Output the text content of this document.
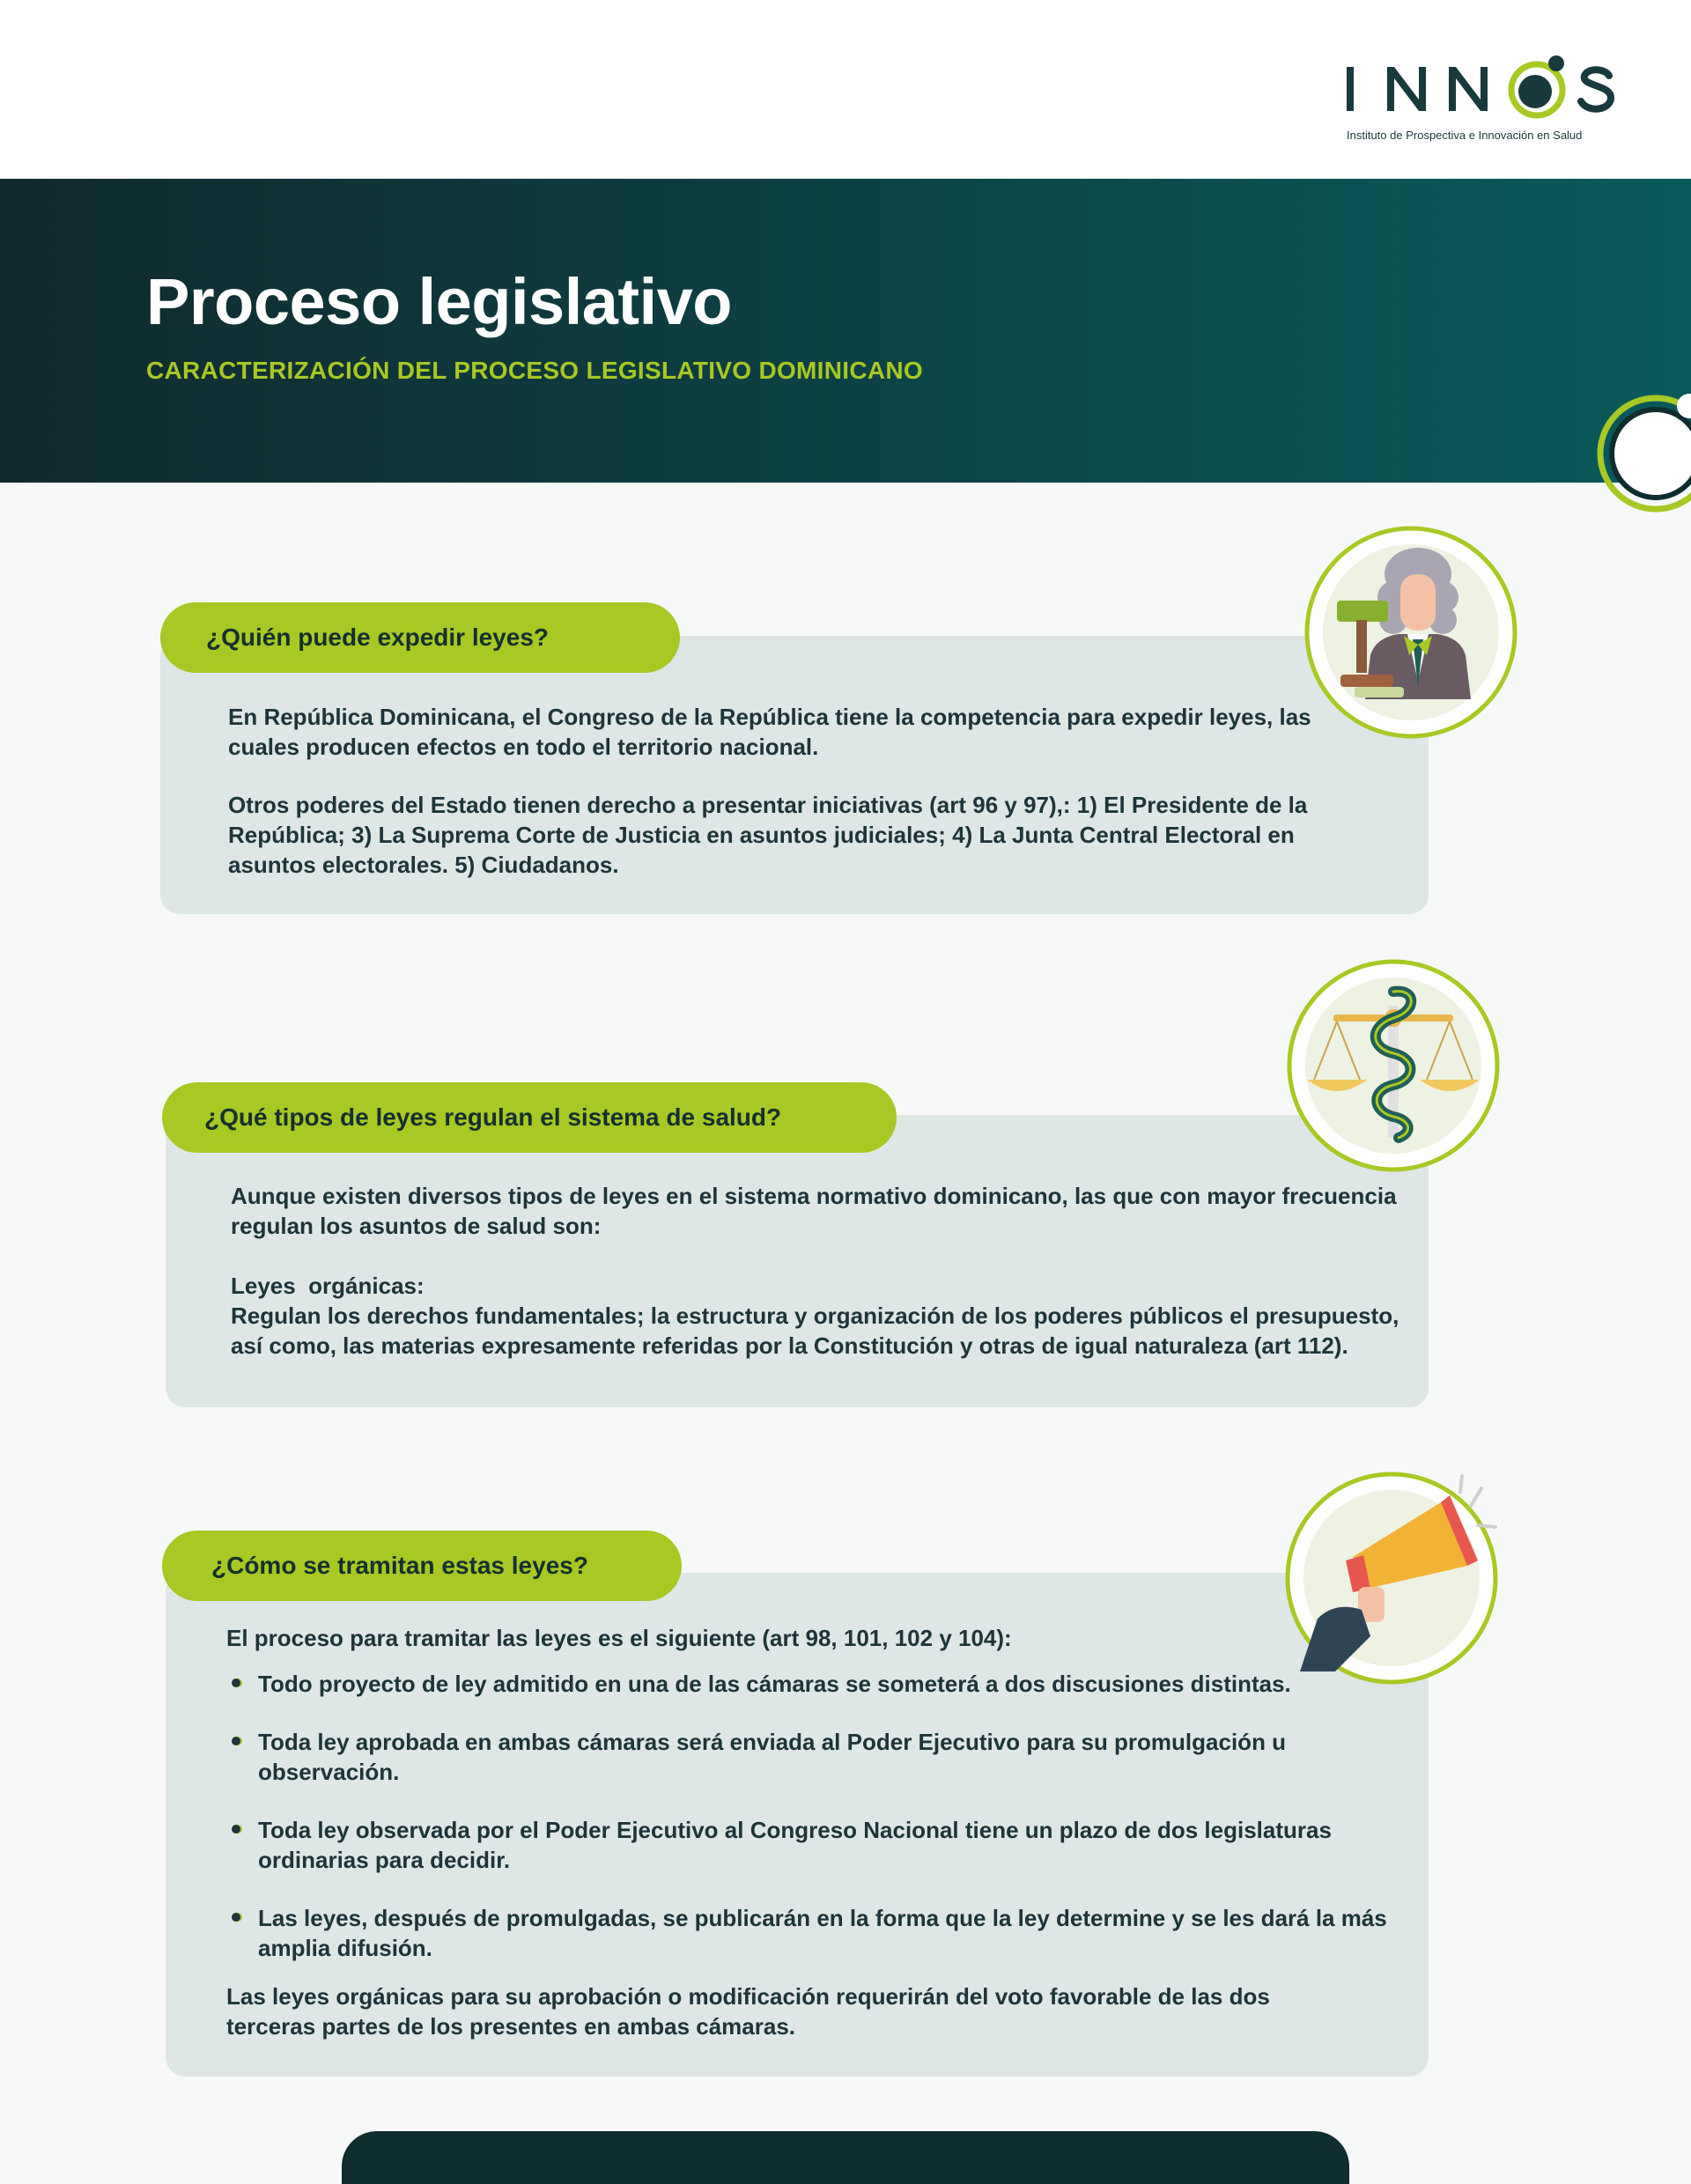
Instituto de Prospectiva e Innovación en Salud
Proceso legislativo
CARACTERIZACIÓN DEL PROCESO LEGISLATIVO DOMINICANO
¿Quién puede expedir leyes?
En República Dominicana, el Congreso de la República tiene la competencia para expedir leyes, las cuales producen efectos en todo el territorio nacional.
Otros poderes del Estado tienen derecho a presentar iniciativas (art 96 y 97),: 1) El Presidente de la República; 3) La Suprema Corte de Justicia en asuntos judiciales; 4) La Junta Central Electoral en asuntos electorales. 5) Ciudadanos.
¿Qué tipos de leyes regulan el sistema de salud?
Aunque existen diversos tipos de leyes en el sistema normativo dominicano, las que con mayor frecuencia regulan los asuntos de salud son:
Leyes  orgánicas:
Regulan los derechos fundamentales; la estructura y organización de los poderes públicos el presupuesto, así como, las materias expresamente referidas por la Constitución y otras de igual naturaleza (art 112).
¿Cómo se tramitan estas leyes?
El proceso para tramitar las leyes es el siguiente (art 98, 101, 102 y 104):
Todo proyecto de ley admitido en una de las cámaras se someterá a dos discusiones distintas.
Toda ley aprobada en ambas cámaras será enviada al Poder Ejecutivo para su promulgación u observación.
Toda ley observada por el Poder Ejecutivo al Congreso Nacional tiene un plazo de dos legislaturas ordinarias para decidir.
Las leyes, después de promulgadas, se publicarán en la forma que la ley determine y se les dará la más amplia difusión.
Las leyes orgánicas para su aprobación o modificación requerirán del voto favorable de las dos terceras partes de los presentes en ambas cámaras.
